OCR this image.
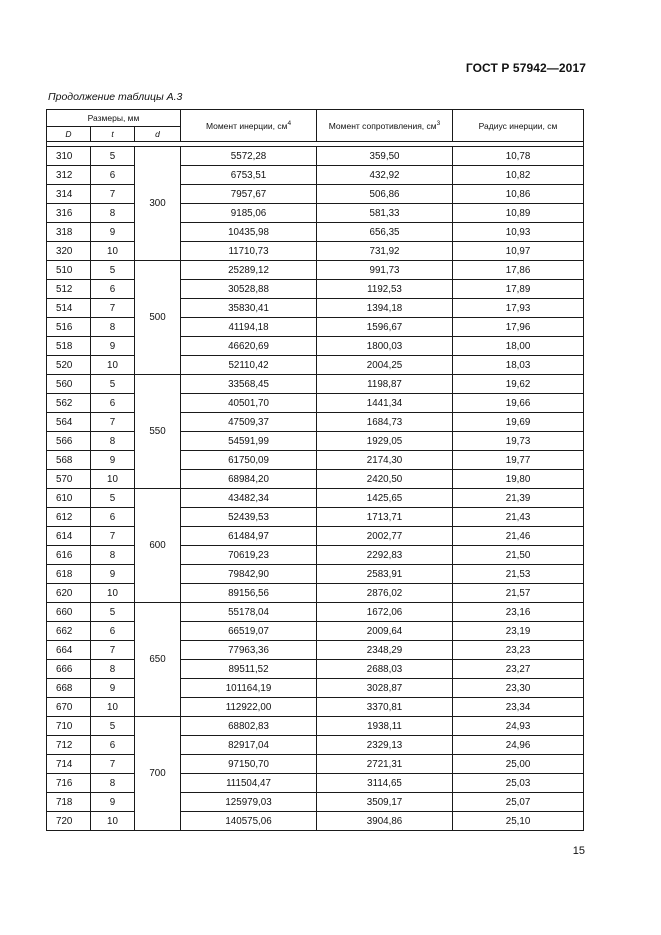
ГОСТ Р 57942—2017
Продолжение таблицы А.3
Размеры, мм			Момент инерции, $см^4$	Момент сопротивления, $см^3$	Радиус инерции, см
D	t	d			

310	5	300	5572,28	359,50	10,78
312	6		6753,51	432,92	10,82
314	7		7957,67	506,86	10,86
316	8		9185,06	581,33	10,89
318	9		10435,98	656,35	10,93
320	10		11710,73	731,92	10,97
510	5	500	25289,12	991,73	17,86
512	6		30528,88	1192,53	17,89
514	7		35830,41	1394,18	17,93
516	8		41194,18	1596,67	17,96
518	9		46620,69	1800,03	18,00
520	10		52110,42	2004,25	18,03
560	5	550	33568,45	1198,87	19,62
562	6		40501,70	1441,34	19,66
564	7		47509,37	1684,73	19,69
566	8		54591,99	1929,05	19,73
568	9		61750,09	2174,30	19,77
570	10		68984,20	2420,50	19,80
610	5	600	43482,34	1425,65	21,39
612	6		52439,53	1713,71	21,43
614	7		61484,97	2002,77	21,46
616	8		70619,23	2292,83	21,50
618	9		79842,90	2583,91	21,53
620	10		89156,56	2876,02	21,57
660	5	650	55178,04	1672,06	23,16
662	6		66519,07	2009,64	23,19
664	7		77963,36	2348,29	23,23
666	8		89511,52	2688,03	23,27
668	9		101164,19	3028,87	23,30
670	10		112922,00	3370,81	23,34
710	5	700	68802,83	1938,11	24,93
712	6		82917,04	2329,13	24,96
714	7		97150,70	2721,31	25,00
716	8		111504,47	3114,65	25,03
718	9		125979,03	3509,17	25,07
720	10		140575,06	3904,86	25,10
15
